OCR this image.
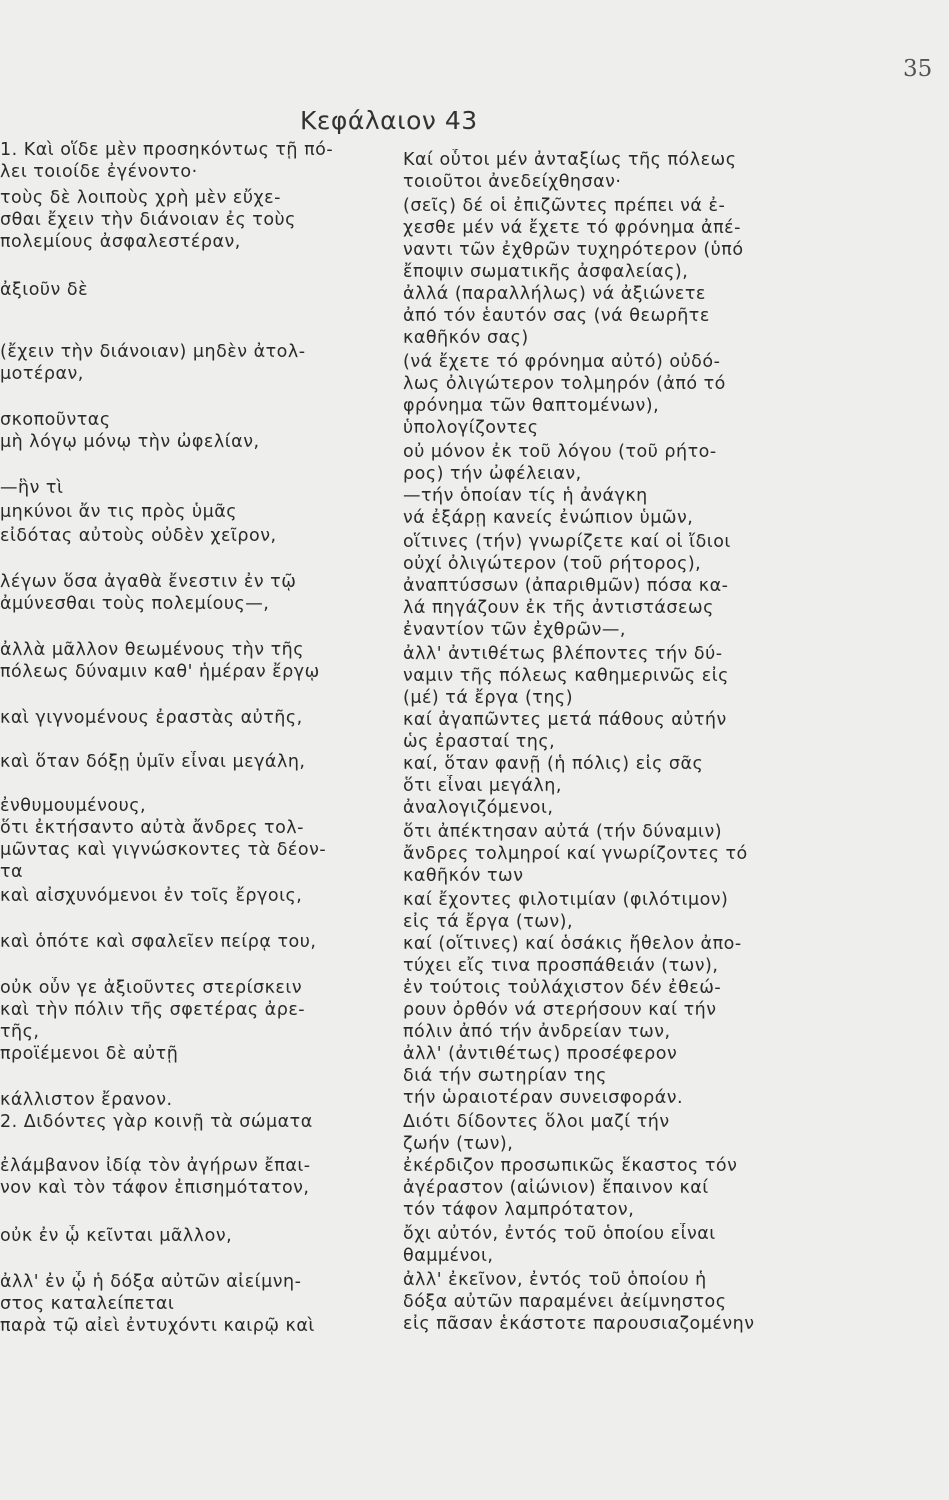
35
Κεφάλαιον 43
1. Καὶ οἵδε μὲν προσηκόντως τῇ πό-
λει τοιοίδε ἐγένοντο·
τοὺς δὲ λοιποὺς χρὴ μὲν εὔχε-
σθαι ἔχειν τὴν διάνοιαν ἐς τοὺς
πολεμίους ἀσφαλεστέραν,
ἀξιοῦν δὲ
(ἔχειν τὴν διάνοιαν) μηδὲν ἀτολ-
μοτέραν,
σκοποῦντας
μὴ λόγῳ μόνῳ τὴν ὠφελίαν,
—ἣν τὶ
μηκύνοι ἄν τις πρὸς ὑμᾶς
εἰδότας αὐτοὺς οὐδὲν χεῖρον,
λέγων ὅσα ἀγαθὰ ἔνεστιν ἐν τῷ
ἀμύνεσθαι τοὺς πολεμίους—,
ἀλλὰ μᾶλλον θεωμένους τὴν τῆς
πόλεως δύναμιν καθ' ἡμέραν ἔργῳ
καὶ γιγνομένους ἐραστὰς αὐτῆς,
καὶ ὅταν δόξῃ ὑμῖν εἶναι μεγάλη,
ἐνθυμουμένους,
ὅτι ἐκτήσαντο αὐτὰ ἄνδρες τολ-
μῶντας καὶ γιγνώσκοντες τὰ δέον-
τα
καὶ αἰσχυνόμενοι ἐν τοῖς ἔργοις,
καὶ ὁπότε καὶ σφαλεῖεν πείρᾳ του,
οὐκ οὖν γε ἀξιοῦντες στερίσκειν
καὶ τὴν πόλιν τῆς σφετέρας ἀρε-
τῆς,
προϊέμενοι δὲ αὐτῇ
κάλλιστον ἔρανον.
2. Διδόντες γὰρ κοινῇ τὰ σώματα
ἐλάμβανον ἰδίᾳ τὸν ἀγήρων ἔπαι-
νον καὶ τὸν τάφον ἐπισημότατον,
οὐκ ἐν ᾧ κεῖνται μᾶλλον,
ἀλλ' ἐν ᾧ ἡ δόξα αὐτῶν αἰείμνη-
στος καταλείπεται
παρὰ τῷ αἰεὶ ἐντυχόντι καιρῷ καὶ
Καί οὗτοι μέν ἀνταξίως τῆς πόλεως
τοιοῦτοι ἀνεδείχθησαν·
(σεῖς) δέ οἱ ἐπιζῶντες πρέπει νά ἐ-
χεσθε μέν νά ἔχετε τό φρόνημα ἀπέ-
ναντι τῶν ἐχθρῶν τυχηρότερον (ὑπό
ἔποψιν σωματικῆς ἀσφαλείας),
ἀλλά (παραλλήλως) νά ἀξιώνετε
ἀπό τόν ἑαυτόν σας (νά θεωρῆτε
καθῆκόν σας)
(νά ἔχετε τό φρόνημα αὐτό) οὐδό-
λως ὀλιγώτερον τολμηρόν (ἀπό τό
φρόνημα τῶν θαπτομένων),
ὑπολογίζοντες
οὐ μόνον ἐκ τοῦ λόγου (τοῦ ρήτο-
ρος) τήν ὠφέλειαν,
—τήν ὁποίαν τίς ἡ ἀνάγκη
νά ἐξάρῃ κανείς ἐνώπιον ὑμῶν,
οἵτινες (τήν) γνωρίζετε καί οἱ ἴδιοι
οὐχί ὀλιγώτερον (τοῦ ρήτορος),
ἀναπτύσσων (ἀπαριθμῶν) πόσα κα-
λά πηγάζουν ἐκ τῆς ἀντιστάσεως
ἐναντίον τῶν ἐχθρῶν—,
ἀλλ' ἀντιθέτως βλέποντες τήν δύ-
ναμιν τῆς πόλεως καθημερινῶς εἰς
(μέ) τά ἔργα (της)
καί ἀγαπῶντες μετά πάθους αὐτήν
ὡς ἐρασταί της,
καί, ὅταν φανῇ (ἡ πόλις) εἰς σᾶς
ὅτι εἶναι μεγάλη,
ἀναλογιζόμενοι,
ὅτι ἀπέκτησαν αὐτά (τήν δύναμιν)
ἄνδρες τολμηροί καί γνωρίζοντες τό
καθῆκόν των
καί ἔχοντες φιλοτιμίαν (φιλότιμον)
εἰς τά ἔργα (των),
καί (οἵτινες) καί ὁσάκις ἤθελον ἀπο-
τύχει εἴς τινα προσπάθειάν (των),
ἐν τούτοις τοὐλάχιστον δέν ἐθεώ-
ρουν ὀρθόν νά στερήσουν καί τήν
πόλιν ἀπό τήν ἀνδρείαν των,
ἀλλ' (ἀντιθέτως) προσέφερον
διά τήν σωτηρίαν της
τήν ὡραιοτέραν συνεισφοράν.
Διότι δίδοντες ὅλοι μαζί τήν
ζωήν (των),
ἐκέρδιζον προσωπικῶς ἕκαστος τόν
ἀγέραστον (αἰώνιον) ἔπαινον καί
τόν τάφον λαμπρότατον,
ὄχι αὐτόν, ἐντός τοῦ ὁποίου εἶναι
θαμμένοι,
ἀλλ' ἐκεῖνον, ἐντός τοῦ ὁποίου ἡ
δόξα αὐτῶν παραμένει ἀείμνηστος
εἰς πᾶσαν ἑκάστοτε παρουσιαζομένην
